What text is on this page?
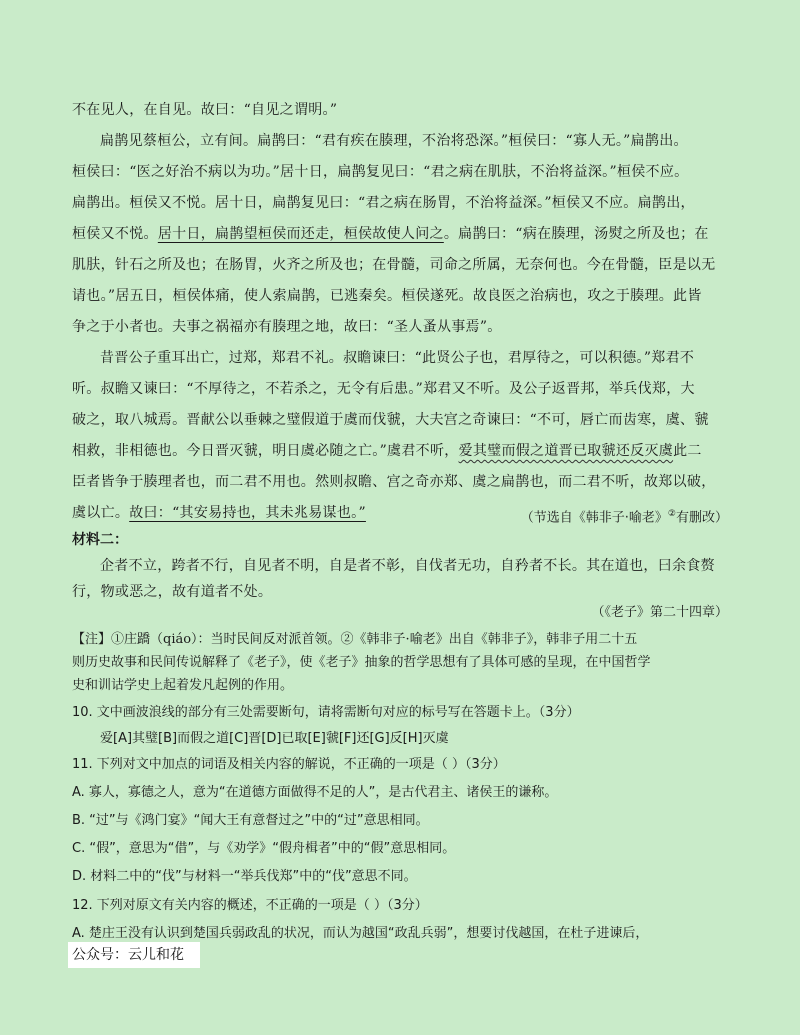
不在见人，在自见。故曰：“自见之谓明。”
扁鹊见蔡桓公，立有间。扁鹊曰：“君有疾在腠理，不治将恐深。”桓侯曰：“寡人无。”扁鹊出。
桓侯曰：“医之好治不病以为功。”居十日，扁鹊复见曰：“君之病在肌肤，不治将益深。”桓侯不应。
扁鹊出。桓侯又不悦。居十日，扁鹊复见曰：“君之病在肠胃，不治将益深。”桓侯又不应。扁鹊出，
桓侯又不悦。居十日，扁鹊望桓侯而还走，桓侯故使人问之。扁鹊曰：“病在腠理，汤熨之所及也；在
肌肤，针石之所及也；在肠胃，火齐之所及也；在骨髓，司命之所属，无奈何也。今在骨髓，臣是以无
请也。”居五日，桓侯体痛，使人索扁鹊，已逃秦矣。桓侯遂死。故良医之治病也，攻之于腠理。此皆
争之于小者也。夫事之祸福亦有腠理之地，故曰：“圣人蚤从事焉”。
昔晋公子重耳出亡，过郑，郑君不礼。叔瞻谏曰：“此贤公子也，君厚待之，可以积德。”郑君不
听。叔瞻又谏曰：“不厚待之，不若杀之，无令有后患。”郑君又不听。及公子返晋邦，举兵伐郑，大
破之，取八城焉。晋献公以垂棘之璧假道于虞而伐虢，大夫宫之奇谏曰：“不可，唇亡而齿寒，虞、虢
相救，非相德也。今日晋灭虢，明日虞必随之亡。”虞君不听，爱其璧而假之道晋已取虢还反灭虞此二
臣者皆争于腠理者也，而二君不用也。然则叔瞻、宫之奇亦郑、虞之扁鹊也，而二君不听，故郑以破，
虞以亡。故曰：“其安易持也，其未兆易谋也。”	（节选自《韩非子·喻老》②有删改）
材料二：
企者不立，跨者不行，自见者不明，自是者不彰，自伐者无功，自矜者不长。其在道也，曰余食赘
行，物或恶之，故有道者不处。
（《老子》第二十四章）
【注】①庄蹻（qiáo）：当时民间反对派首领。②《韩非子·喻老》出自《韩非子》，韩非子用二十五
则历史故事和民间传说解释了《老子》，使《老子》抽象的哲学思想有了具体可感的呈现，在中国哲学
史和训诂学史上起着发凡起例的作用。
10. 文中画波浪线的部分有三处需要断句，请将需断句对应的标号写在答题卡上。（3分）
爱[A]其璧[B]而假之道[C]晋[D]已取[E]虢[F]还[G]反[H]灭虞
11. 下列对文中加点的词语及相关内容的解说，不正确的一项是（ ）（3分）
A. 寡人，寡德之人，意为“在道德方面做得不足的人”，是古代君主、诸侯王的谦称。
B. “过”与《鸿门宴》“闻大王有意督过之”中的“过”意思相同。
C. “假”，意思为“借”，与《劝学》“假舟楫者”中的“假”意思相同。
D. 材料二中的“伐”与材料一“举兵伐郑”中的“伐”意思不同。
12. 下列对原文有关内容的概述，不正确的一项是（ ）（3分）
A. 楚庄王没有认识到楚国兵弱政乱的状况，而认为越国“政乱兵弱”，想要讨伐越国，在杜子进谏后，
公众号：云儿和花
